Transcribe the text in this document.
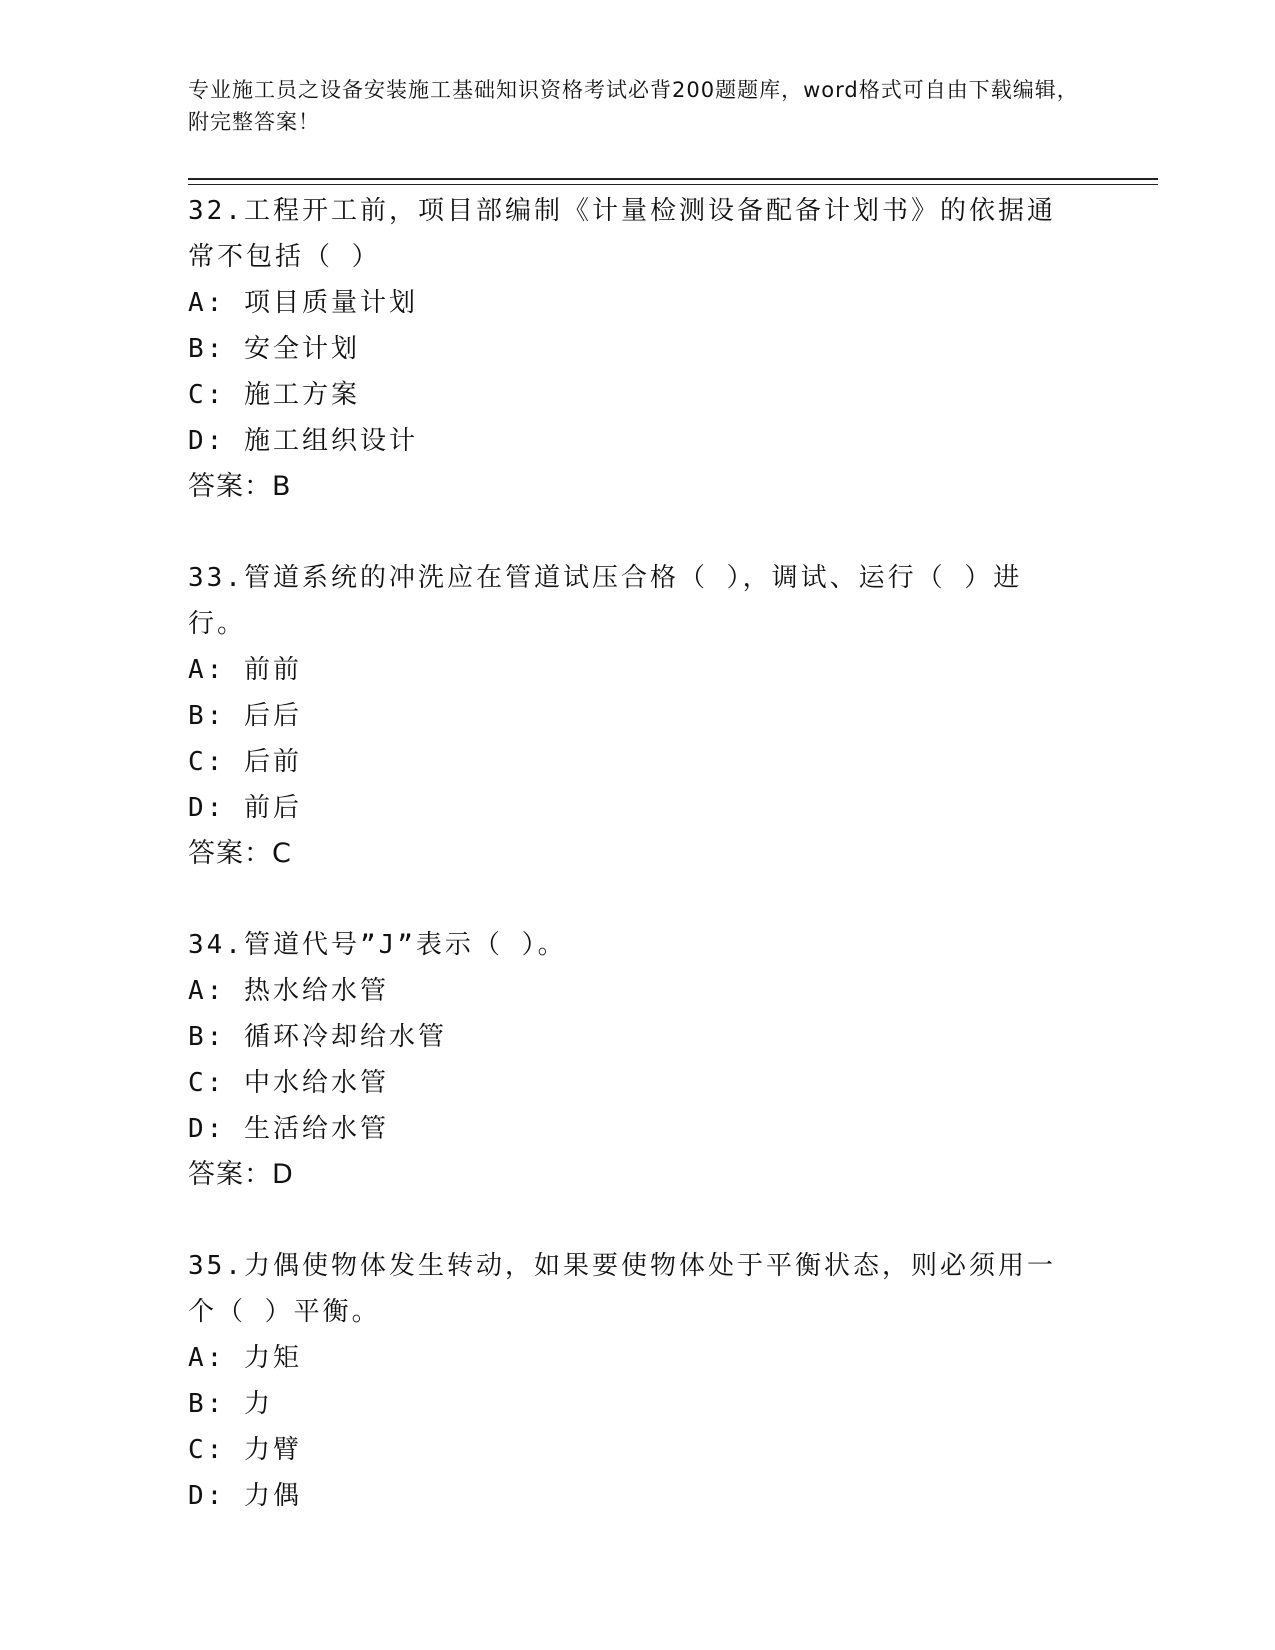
专业施工员之设备安装施工基础知识资格考试必背200题题库，word格式可自由下载编辑，附完整答案！
32.工程开工前，项目部编制《计量检测设备配备计划书》的依据通常不包括（ ）
A: 项目质量计划
B: 安全计划
C: 施工方案
D: 施工组织设计
答案：B
33.管道系统的冲洗应在管道试压合格（ ），调试、运行（ ）进行。
A: 前前
B: 后后
C: 后前
D: 前后
答案：C
34.管道代号”J”表示（ ）。
A: 热水给水管
B: 循环冷却给水管
C: 中水给水管
D: 生活给水管
答案：D
35.力偶使物体发生转动，如果要使物体处于平衡状态，则必须用一个（ ）平衡。
A: 力矩
B: 力
C: 力臂
D: 力偶
